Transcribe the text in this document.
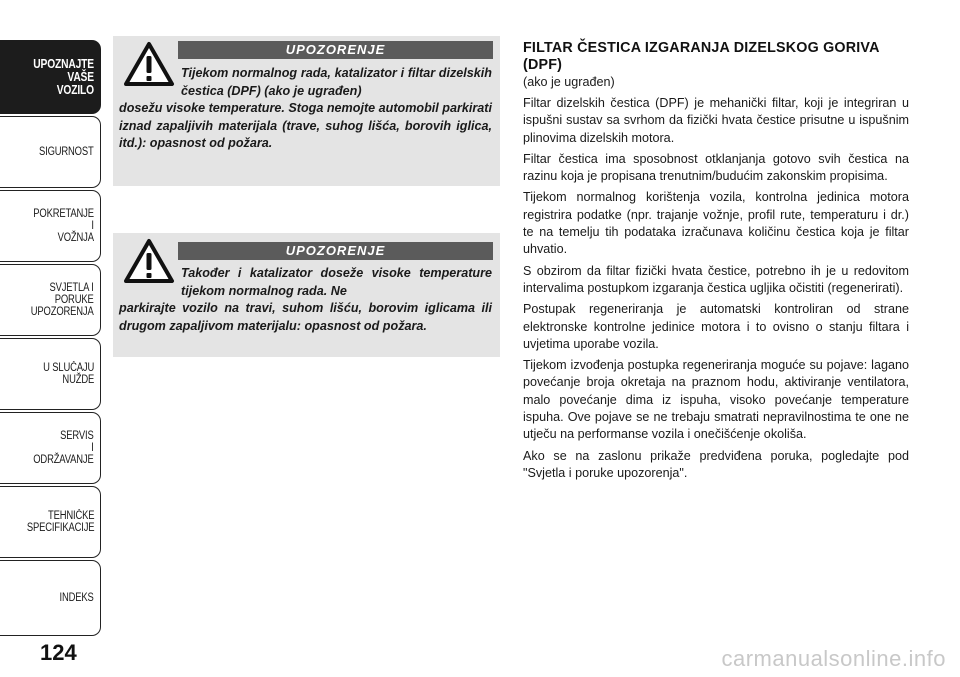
UPOZNAJTE
VAŠE
VOZILO
SIGURNOST
POKRETANJE
I
VOŽNJA
SVJETLA I
PORUKE
UPOZORENJA
U SLUČAJU
NUŽDE
SERVIS
I
ODRŽAVANJE
TEHNIČKE
SPECIFIKACIJE
INDEKS
124
UPOZORENJE
Tijekom normalnog rada, katalizator i filtar dizelskih čestica (DPF) (ako je ugrađen)
dosežu visoke temperature. Stoga nemojte automobil parkirati iznad zapaljivih materijala (trave, suhog lišća, borovih iglica, itd.): opasnost od požara.
UPOZORENJE
Također i katalizator doseže visoke temperature tijekom normalnog rada. Ne
parkirajte vozilo na travi, suhom lišću, borovim iglicama ili drugom zapaljivom materijalu: opasnost od požara.
FILTAR ČESTICA IZGARANJA DIZELSKOG GORIVA (DPF)
(ako je ugrađen)

Filtar dizelskih čestica (DPF) je mehanički filtar, koji je integriran u ispušni sustav sa svrhom da fizički hvata čestice prisutne u ispušnim plinovima dizelskih motora.

Filtar čestica ima sposobnost otklanjanja gotovo svih čestica na razinu koja je propisana trenutnim/budućim zakonskim propisima.

Tijekom normalnog korištenja vozila, kontrolna jedinica motora registrira podatke (npr. trajanje vožnje, profil rute, temperaturu i dr.) te na temelju tih podataka izračunava količinu čestica koja je filtar uhvatio.

S obzirom da filtar fizički hvata čestice, potrebno ih je u redovitom intervalima postupkom izgaranja čestica ugljika očistiti (regenerirati).

Postupak regeneriranja je automatski kontroliran od strane elektronske kontrolne jedinice motora i to ovisno o stanju filtara i uvjetima uporabe vozila.

Tijekom izvođenja postupka regeneriranja moguće su pojave: lagano povećanje broja okretaja na praznom hodu, aktiviranje ventilatora, malo povećanje dima iz ispuha, visoko povećanje temperature ispuha. Ove pojave se ne trebaju smatrati nepravilnostima te one ne utječu na performanse vozila i onečišćenje okoliša.

Ako se na zaslonu prikaže predviđena poruka, pogledajte pod "Svjetla i poruke upozorenja".

carmanualsonline.info
